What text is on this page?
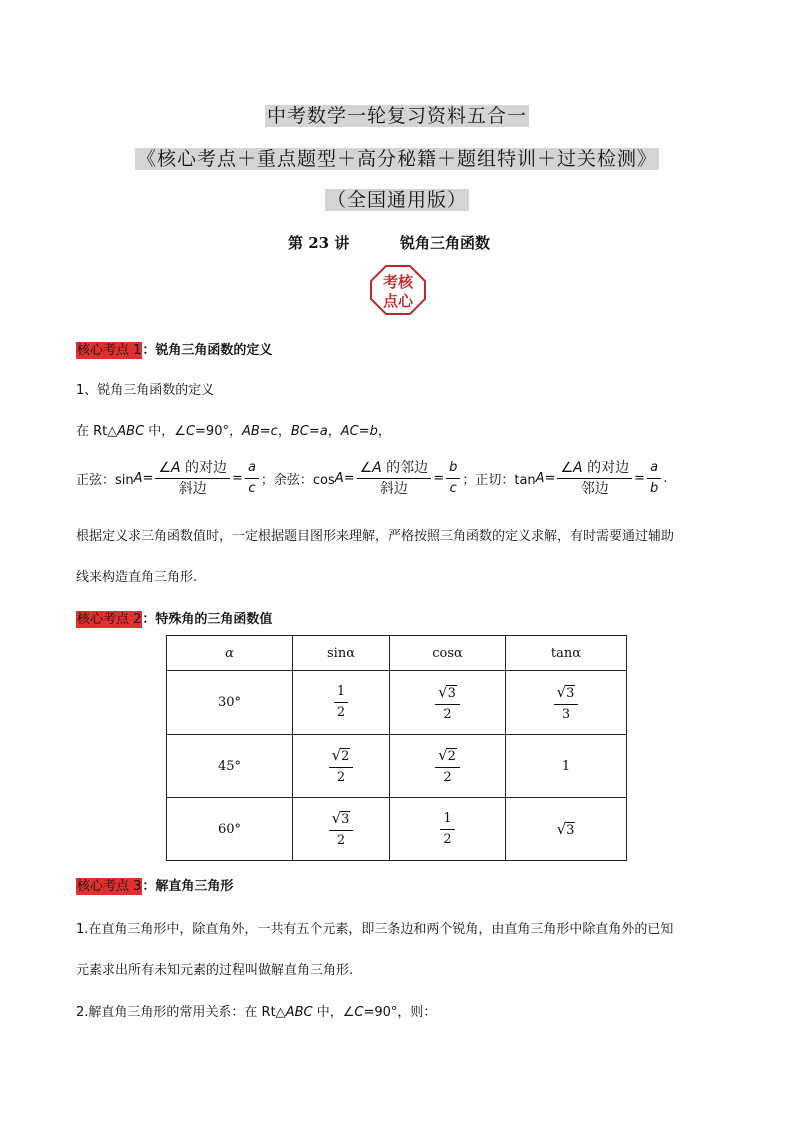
中考数学一轮复习资料五合一
《核心考点＋重点题型＋高分秘籍＋题组特训＋过关检测》
（全国通用版）
第 23 讲	锐角三角函数
考核
点心
核心考点 1：锐角三角函数的定义
1、锐角三角函数的定义
在 Rt△ABC 中，∠C=90°，AB=c，BC=a，AC=b，
正弦：$\sin A = \frac{\text{∠A 的对边}}{\text{斜边}} = \frac{a}{c}$ ；余弦：$\cos A = \frac{\text{∠A 的邻边}}{\text{斜边}} = \frac{b}{c}$ ；正切：$\tan A = \frac{\text{∠A 的对边}}{\text{邻边}} = \frac{a}{b}$ .
根据定义求三角函数值时，一定根据题目图形来理解，严格按照三角函数的定义求解，有时需要通过辅助
线来构造直角三角形.
核心考点 2：特殊角的三角函数值
α	sinα	cosα	tanα
30°	$\frac{1}{2}$	$\frac{√ 3}{2}$	$\frac{√ 3}{3}$

45°	$\frac{√ 2}{2}$	$\frac{√ 2}{2}$	1
60°	$\frac{√ 3}{2}$	$\frac{1}{2}$	√ 3
核心考点 3：解直角三角形
1.在直角三角形中，除直角外，一共有五个元素，即三条边和两个锐角，由直角三角形中除直角外的已知
元素求出所有未知元素的过程叫做解直角三角形.
2.解直角三角形的常用关系：在 Rt△ABC 中，∠C=90°，则：
